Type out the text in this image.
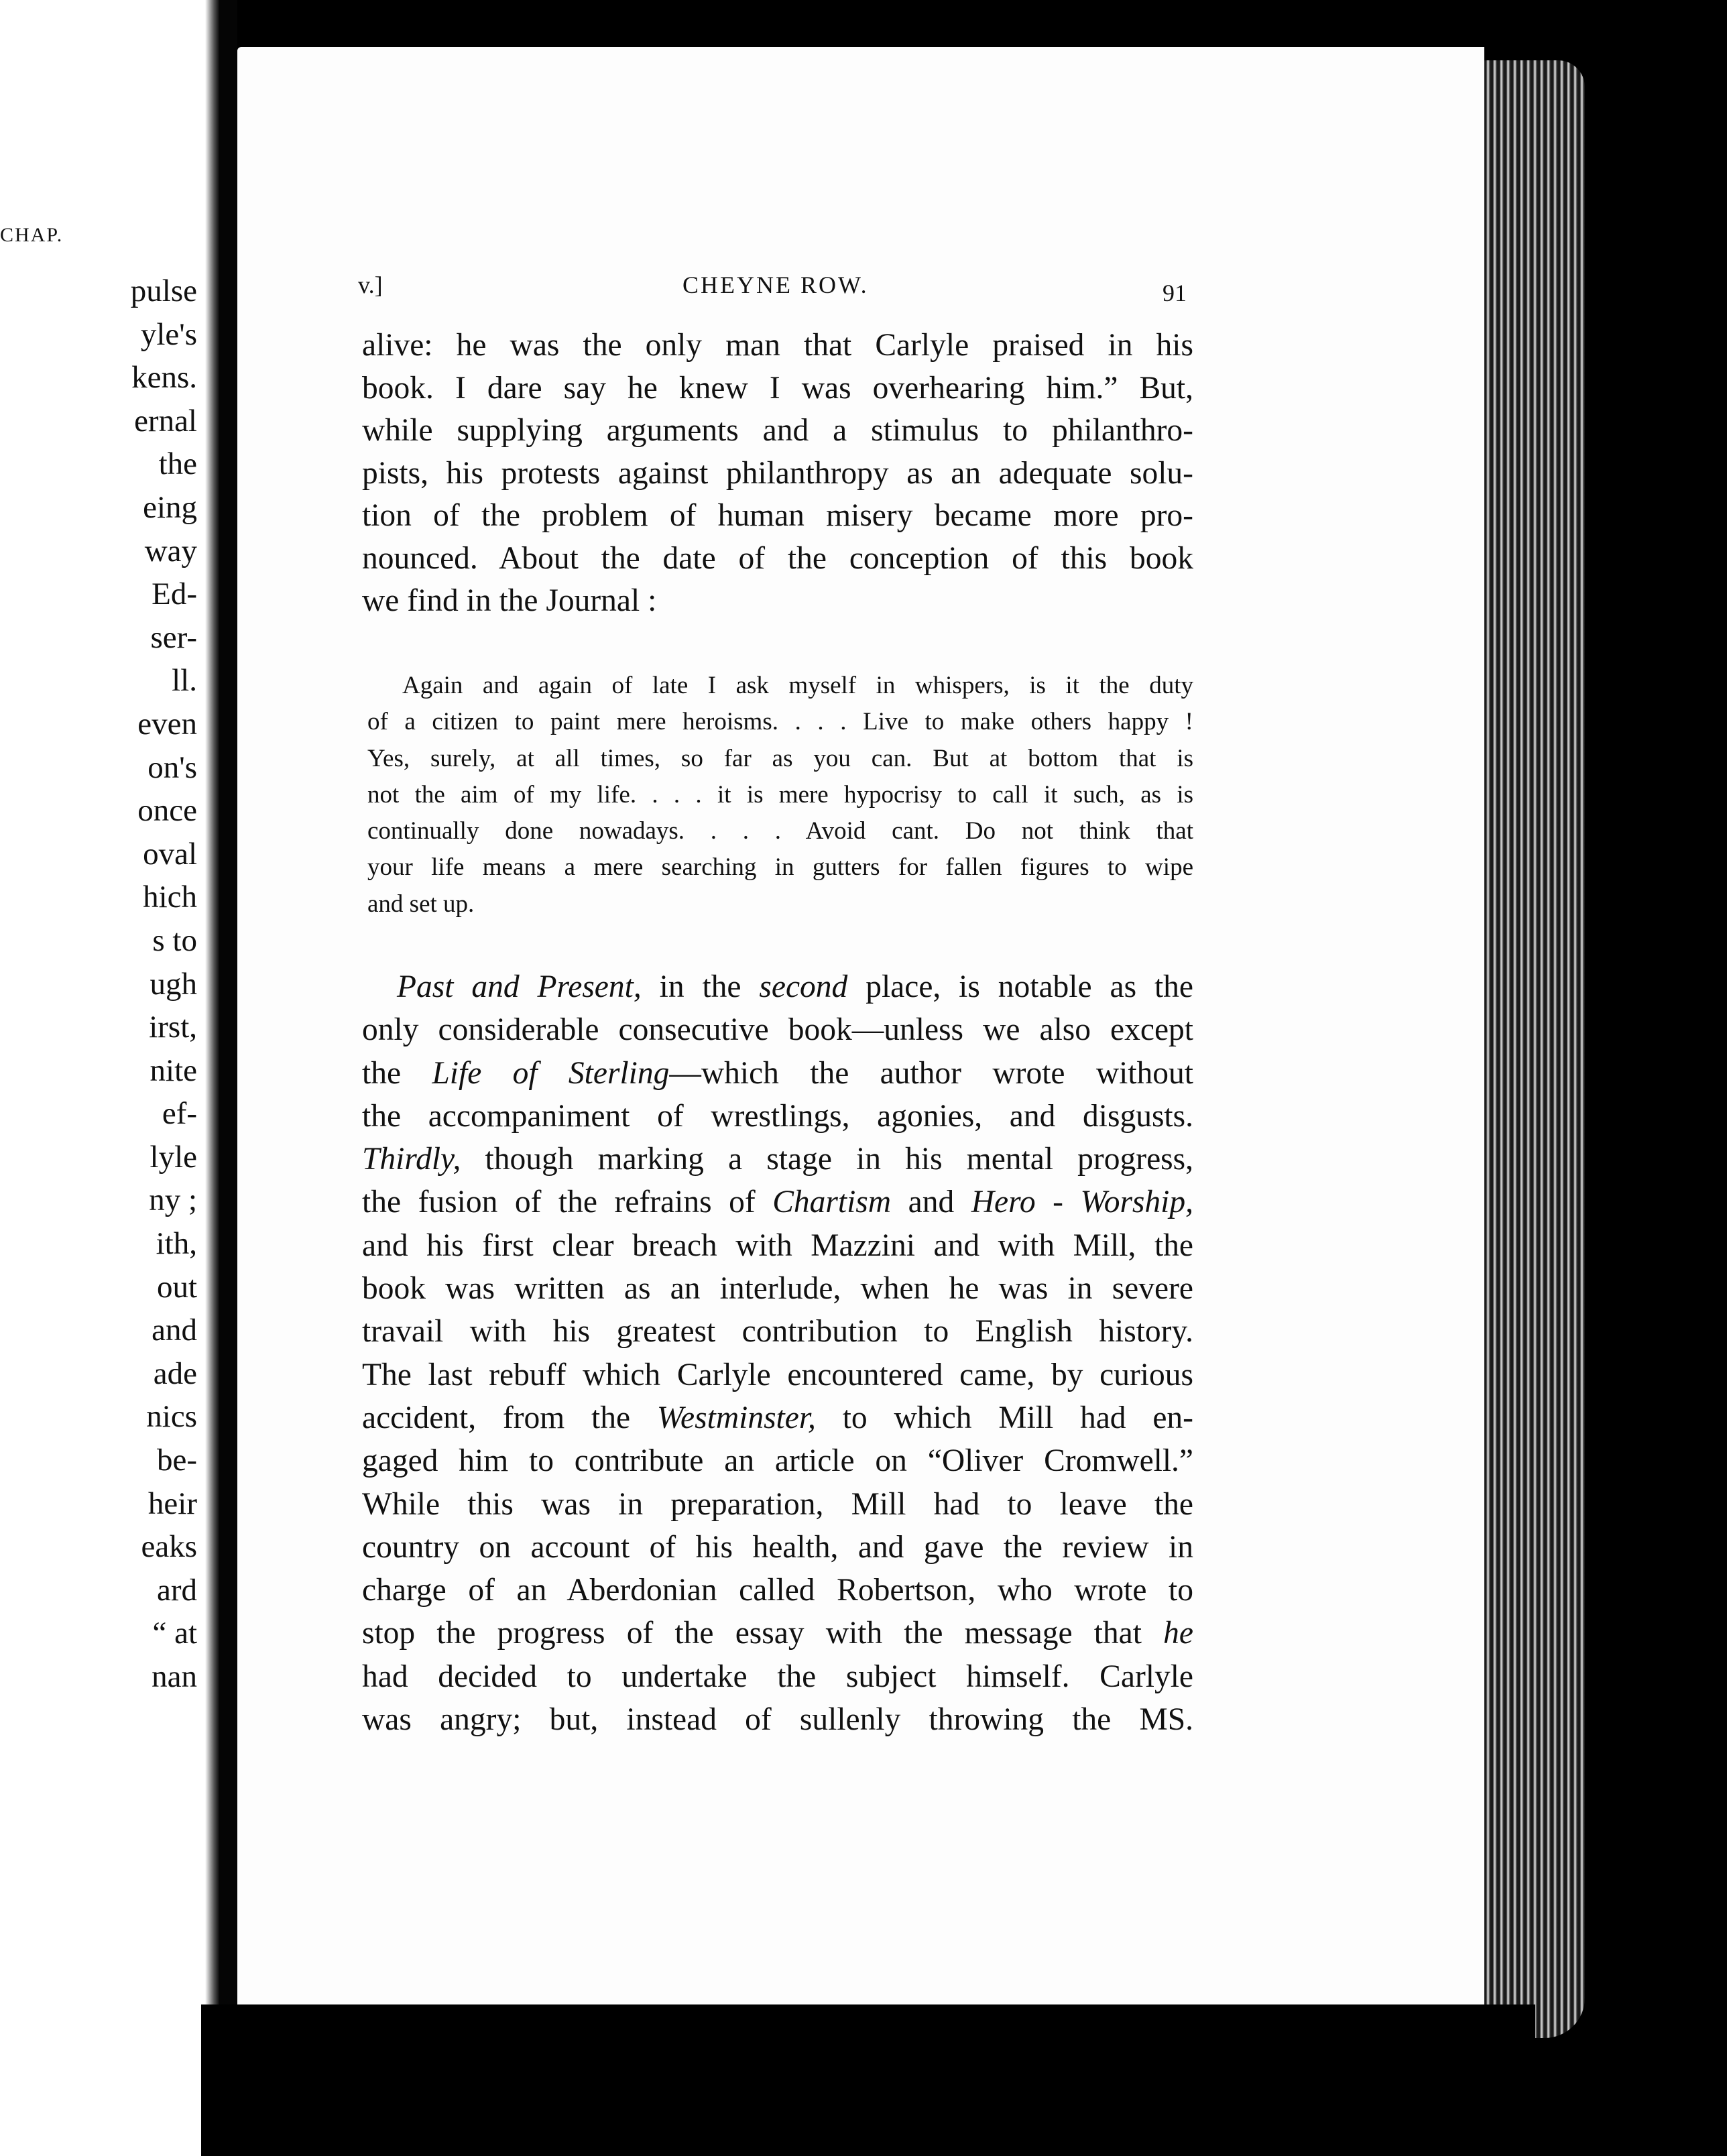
CHAP.
pulse
yle's
kens.
ernal
the
eing
way
Ed-
ser-
ll.
even
on's
once
oval
hich
s to
ugh
irst,
nite
ef-
lyle
ny ;
ith,
out
and
ade
nics
be-
heir
eaks
ard
“ at
nan
v.]	CHEYNE ROW.	91
alive: he was the only man that Carlyle praised in his
book. I dare say he knew I was overhearing him.” But,
while supplying arguments and a stimulus to philanthro-
pists, his protests against philanthropy as an adequate solu-
tion of the problem of human misery became more pro-
nounced. About the date of the conception of this book
we find in the Journal :
Again and again of late I ask myself in whispers, is it the duty
of a citizen to paint mere heroisms. . . . Live to make others happy !
Yes, surely, at all times, so far as you can. But at bottom that is
not the aim of my life. . . . it is mere hypocrisy to call it such, as is
continually done nowadays. . . . Avoid cant. Do not think that
your life means a mere searching in gutters for fallen figures to wipe
and set up.
Past and Present, in the second place, is notable as the
only considerable consecutive book—unless we also except
the Life of Sterling—which the author wrote without
the accompaniment of wrestlings, agonies, and disgusts.
Thirdly, though marking a stage in his mental progress,
the fusion of the refrains of Chartism and Hero - Worship,
and his first clear breach with Mazzini and with Mill, the
book was written as an interlude, when he was in severe
travail with his greatest contribution to English history.
The last rebuff which Carlyle encountered came, by curious
accident, from the Westminster, to which Mill had en-
gaged him to contribute an article on “Oliver Cromwell.”
While this was in preparation, Mill had to leave the
country on account of his health, and gave the review in
charge of an Aberdonian called Robertson, who wrote to
stop the progress of the essay with the message that he
had decided to undertake the subject himself. Carlyle
was angry; but, instead of sullenly throwing the MS.
